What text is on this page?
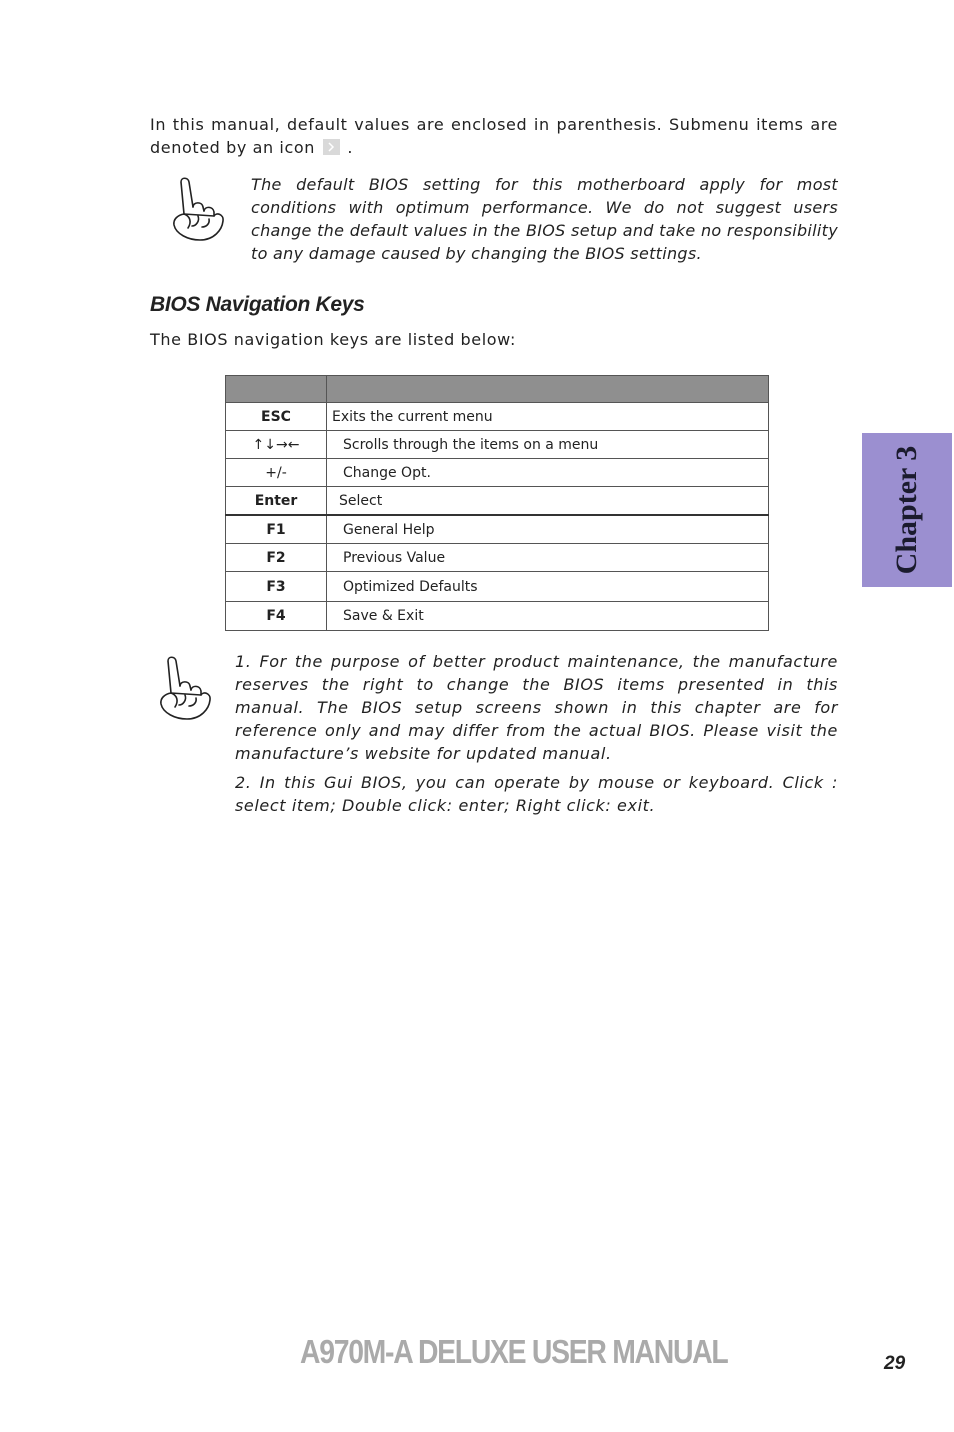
In this manual, default values are enclosed in parenthesis. Submenu items are denoted by an icon .

The default BIOS setting for this motherboard apply for most conditions with optimum performance. We do not suggest users change the default values in the BIOS setup and take no responsibility to any damage caused by changing the BIOS settings.

BIOS Navigation Keys

The BIOS navigation keys are listed below:

ESC	Exits the current menu
↑↓→←	Scrolls through the items on a menu
+/-	Change Opt.
Enter	Select
F1	General Help
F2	Previous Value
F3	Optimized Defaults
F4	Save & Exit

1. For the purpose of better product maintenance, the manufacture reserves the right to change the BIOS items presented in this manual. The BIOS setup screens shown in this chapter are for reference only and may differ from the actual BIOS. Please visit the manufacture’s website for updated manual.

2. In this Gui BIOS, you can operate by mouse or keyboard. Click : select item; Double click: enter; Right click: exit.

Chapter 3
A970M-A DELUXE USER MANUAL	29
